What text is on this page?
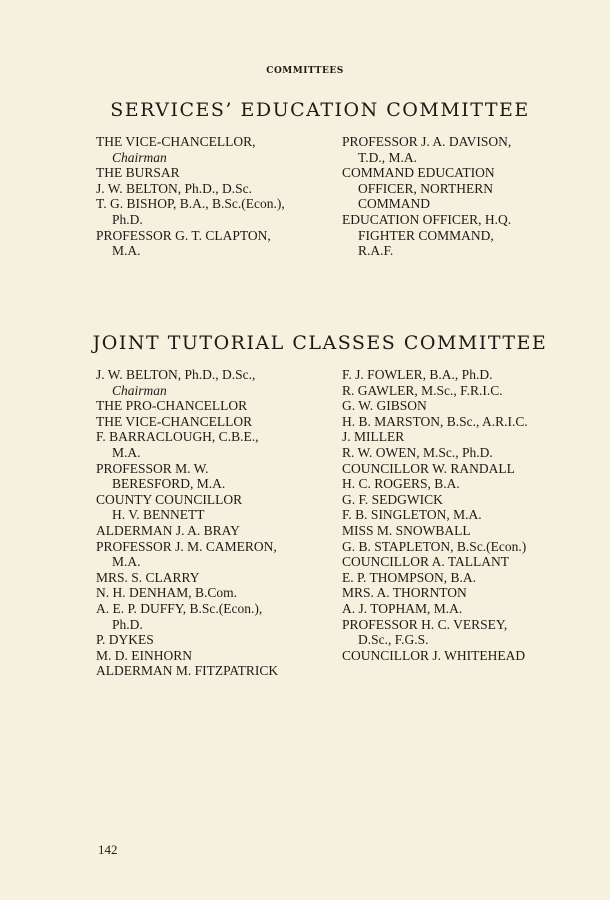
COMMITTEES
SERVICES’ EDUCATION COMMITTEE
THE VICE-CHANCELLOR,
Chairman
THE BURSAR
J. W. BELTON, Ph.D., D.Sc.
T. G. BISHOP, B.A., B.Sc.(Econ.),
Ph.D.
PROFESSOR G. T. CLAPTON,
M.A.
PROFESSOR J. A. DAVISON,
T.D., M.A.
COMMAND EDUCATION
OFFICER, NORTHERN
COMMAND
EDUCATION OFFICER, H.Q.
FIGHTER COMMAND,
R.A.F.
JOINT TUTORIAL CLASSES COMMITTEE
J. W. BELTON, Ph.D., D.Sc.,
Chairman
THE PRO-CHANCELLOR
THE VICE-CHANCELLOR
F. BARRACLOUGH, C.B.E.,
M.A.
PROFESSOR M. W.
BERESFORD, M.A.
COUNTY COUNCILLOR
H. V. BENNETT
ALDERMAN J. A. BRAY
PROFESSOR J. M. CAMERON,
M.A.
MRS. S. CLARRY
N. H. DENHAM, B.Com.
A. E. P. DUFFY, B.Sc.(Econ.),
Ph.D.
P. DYKES
M. D. EINHORN
ALDERMAN M. FITZPATRICK
F. J. FOWLER, B.A., Ph.D.
R. GAWLER, M.Sc., F.R.I.C.
G. W. GIBSON
H. B. MARSTON, B.Sc., A.R.I.C.
J. MILLER
R. W. OWEN, M.Sc., Ph.D.
COUNCILLOR W. RANDALL
H. C. ROGERS, B.A.
G. F. SEDGWICK
F. B. SINGLETON, M.A.
MISS M. SNOWBALL
G. B. STAPLETON, B.Sc.(Econ.)
COUNCILLOR A. TALLANT
E. P. THOMPSON, B.A.
MRS. A. THORNTON
A. J. TOPHAM, M.A.
PROFESSOR H. C. VERSEY,
D.Sc., F.G.S.
COUNCILLOR J. WHITEHEAD
142
